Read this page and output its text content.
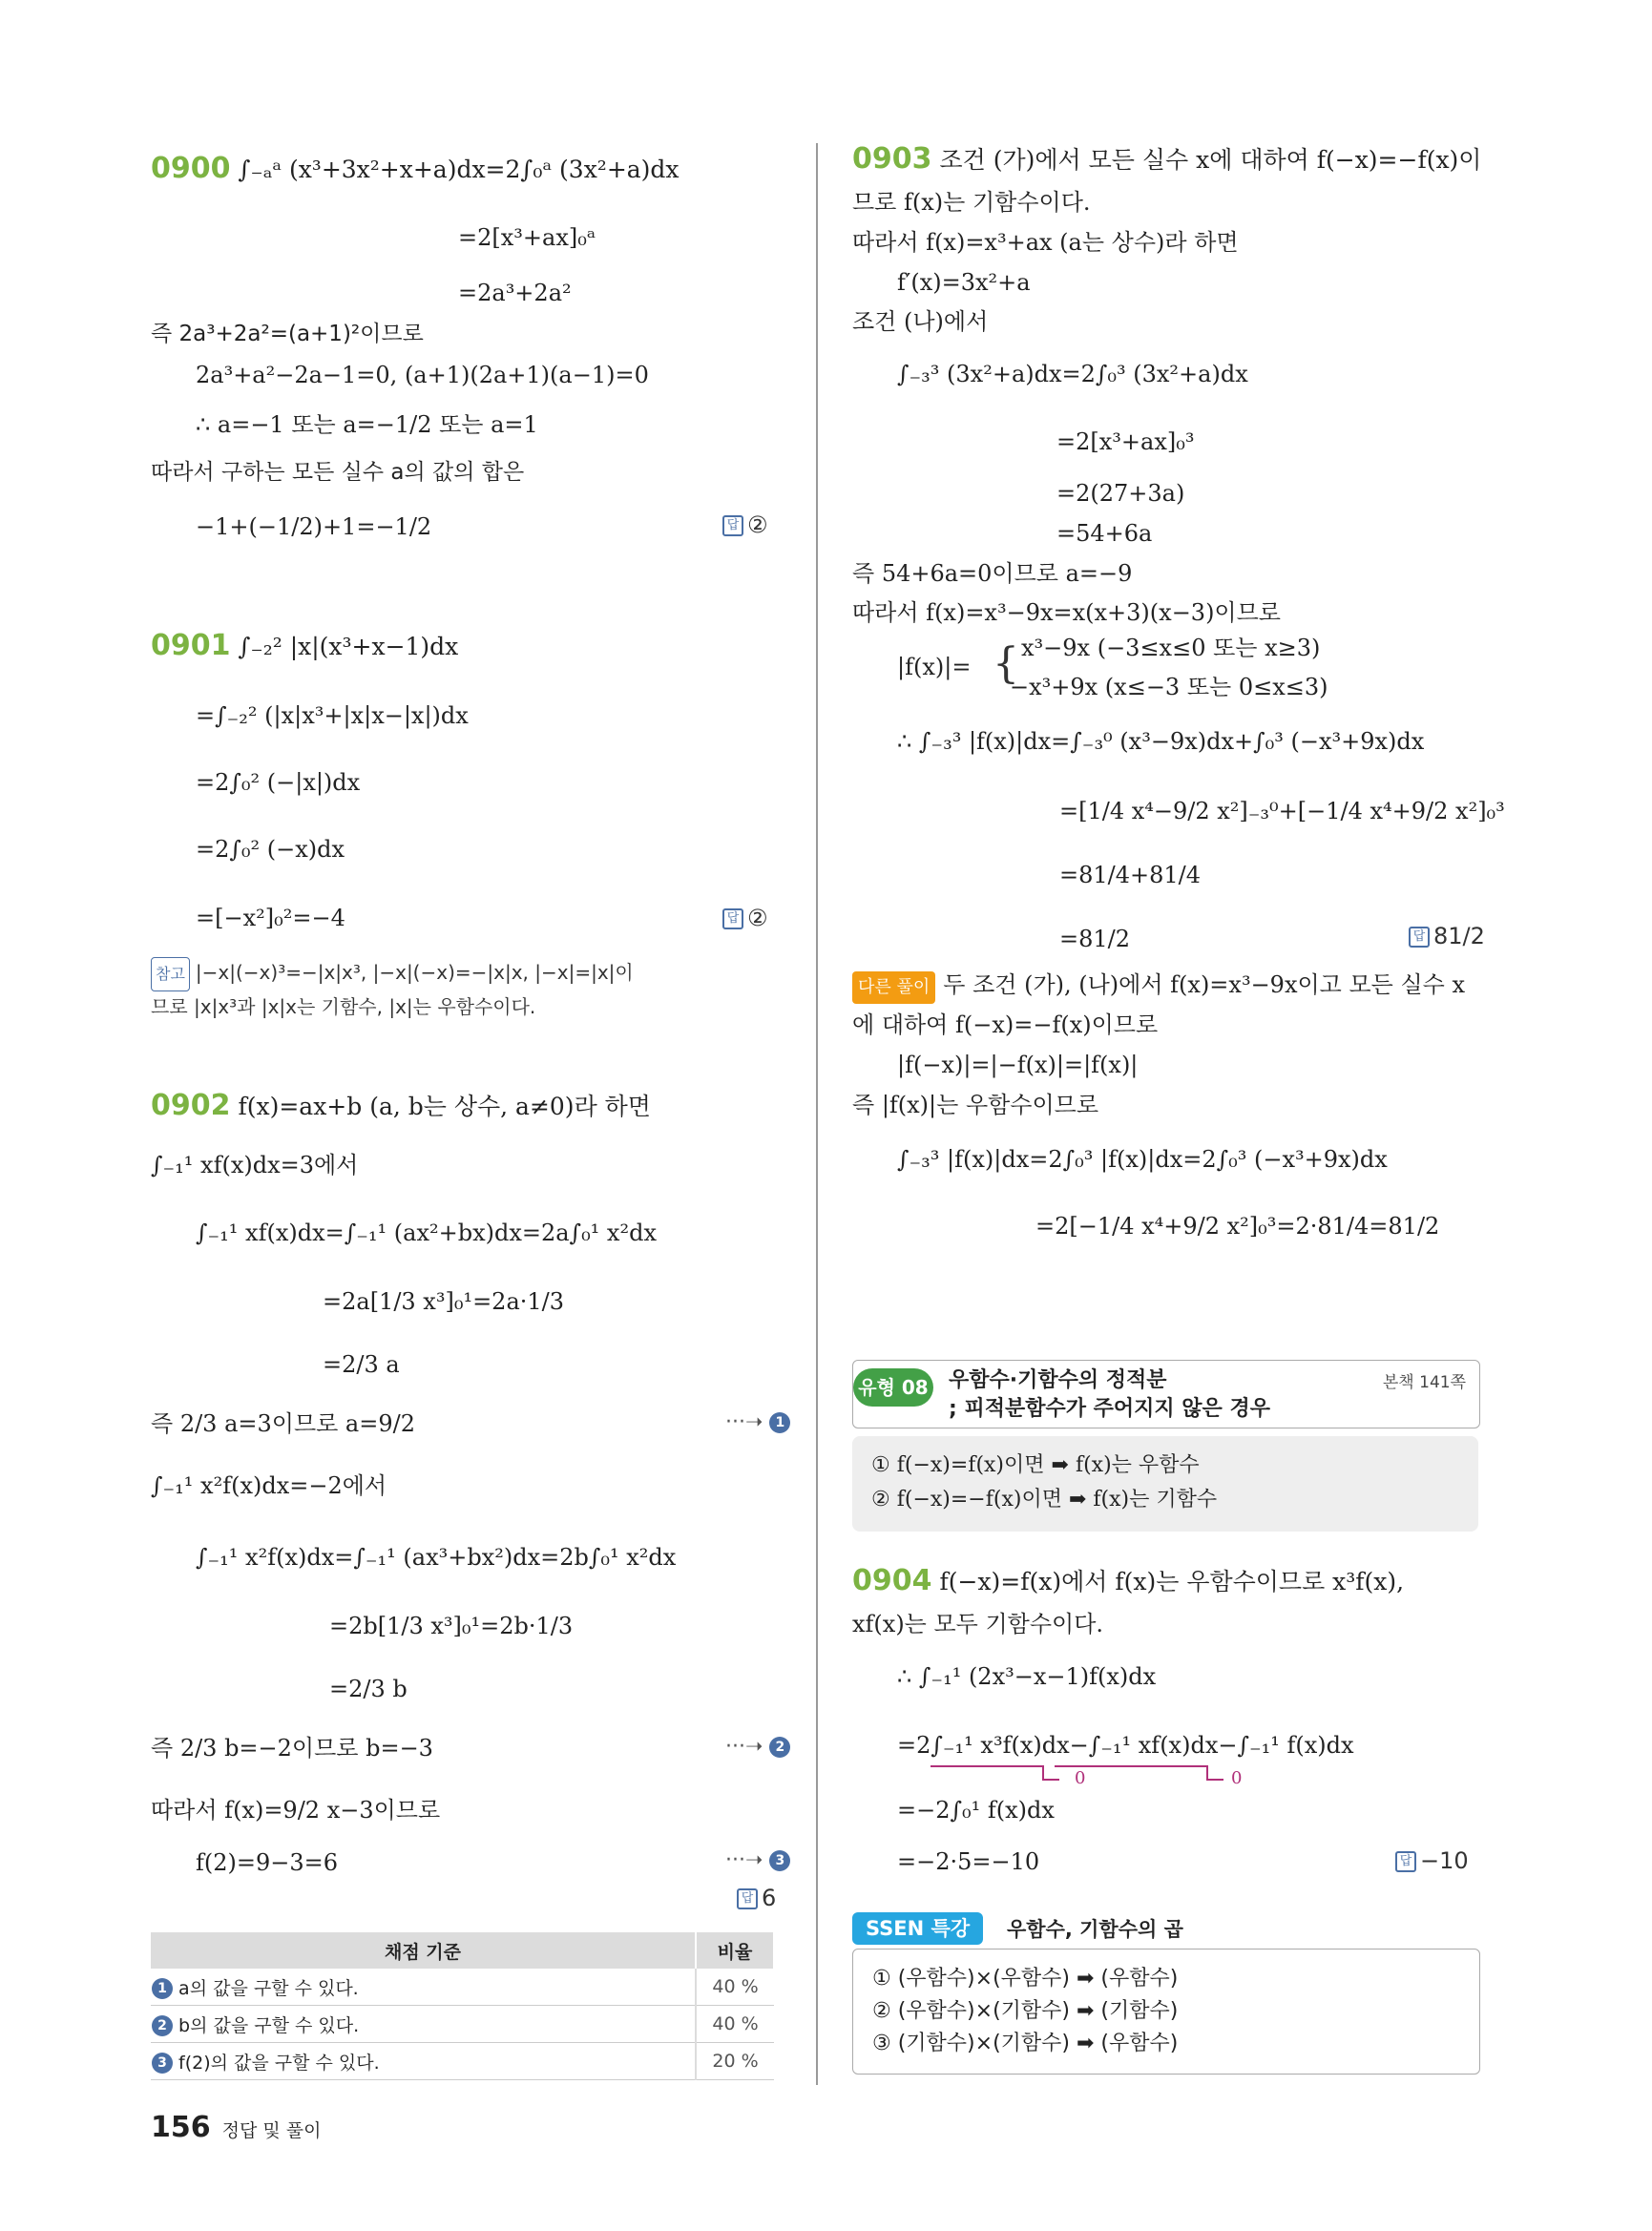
0900 ∫₋ₐᵃ (x³+3x²+x+a)dx=2∫₀ᵃ (3x²+a)dx
=2[x³+ax]₀ᵃ
=2a³+2a²
즉 2a³+2a²=(a+1)²이므로
2a³+a²−2a−1=0, (a+1)(2a+1)(a−1)=0
∴ a=−1 또는 a=−1/2 또는 a=1
따라서 구하는 모든 실수 a의 값의 합은
−1+(−1/2)+1=−1/2	답 ②
0901 ∫₋₂² |x|(x³+x−1)dx
=∫₋₂² (|x|x³+|x|x−|x|)dx
=2∫₀² (−|x|)dx
=2∫₀² (−x)dx
=[−x²]₀²=−4	답 ②
참고 |−x|(−x)³=−|x|x³, |−x|(−x)=−|x|x, |−x|=|x|이
므로 |x|x³과 |x|x는 기함수, |x|는 우함수이다.
0902 f(x)=ax+b (a, b는 상수, a≠0)라 하면
∫₋₁¹ xf(x)dx=3에서
∫₋₁¹ xf(x)dx=∫₋₁¹ (ax²+bx)dx=2a∫₀¹ x²dx
=2a[1/3 x³]₀¹=2a·1/3
=2/3 a
즉 2/3 a=3이므로 a=9/2	···➝ 1
∫₋₁¹ x²f(x)dx=−2에서
∫₋₁¹ x²f(x)dx=∫₋₁¹ (ax³+bx²)dx=2b∫₀¹ x²dx
=2b[1/3 x³]₀¹=2b·1/3
=2/3 b
즉 2/3 b=−2이므로 b=−3	···➝ 2
따라서 f(x)=9/2 x−3이므로
f(2)=9−3=6	···➝ 3
답 6
채점 기준	비율
1 a의 값을 구할 수 있다.	40 %
2 b의 값을 구할 수 있다.	40 %
3 f(2)의 값을 구할 수 있다.	20 %
0903 조건 (가)에서 모든 실수 x에 대하여 f(−x)=−f(x)이
므로 f(x)는 기함수이다.
따라서 f(x)=x³+ax (a는 상수)라 하면
f′(x)=3x²+a
조건 (나)에서
∫₋₃³ (3x²+a)dx=2∫₀³ (3x²+a)dx
=2[x³+ax]₀³
=2(27+3a)
=54+6a
즉 54+6a=0이므로 a=−9
따라서 f(x)=x³−9x=x(x+3)(x−3)이므로
|f(x)|= { x³−9x (−3≤x≤0 또는 x≥3)
−x³+9x (x≤−3 또는 0≤x≤3)
∴ ∫₋₃³ |f(x)|dx=∫₋₃⁰ (x³−9x)dx+∫₀³ (−x³+9x)dx
=[1/4 x⁴−9/2 x²]₋₃⁰+[−1/4 x⁴+9/2 x²]₀³
=81/4+81/4
=81/2	답 81/2
다른 풀이 두 조건 (가), (나)에서 f(x)=x³−9x이고 모든 실수 x
에 대하여 f(−x)=−f(x)이므로
|f(−x)|=|−f(x)|=|f(x)|
즉 |f(x)|는 우함수이므로
∫₋₃³ |f(x)|dx=2∫₀³ |f(x)|dx=2∫₀³ (−x³+9x)dx
=2[−1/4 x⁴+9/2 x²]₀³=2·81/4=81/2
유형 08 우함수·기함수의 정적분
; 피적분함수가 주어지지 않은 경우
본책 141쪽
① f(−x)=f(x)이면 ➡ f(x)는 우함수
② f(−x)=−f(x)이면 ➡ f(x)는 기함수
0904 f(−x)=f(x)에서 f(x)는 우함수이므로 x³f(x),
xf(x)는 모두 기함수이다.
∴ ∫₋₁¹ (2x³−x−1)f(x)dx
=2∫₋₁¹ x³f(x)dx−∫₋₁¹ xf(x)dx−∫₋₁¹ f(x)dx
0	0
=−2∫₀¹ f(x)dx
=−2·5=−10	답 −10
SSEN 특강	우함수, 기함수의 곱
① (우함수)×(우함수) ➡ (우함수)
② (우함수)×(기함수) ➡ (기함수)
③ (기함수)×(기함수) ➡ (우함수)
156 정답 및 풀이
